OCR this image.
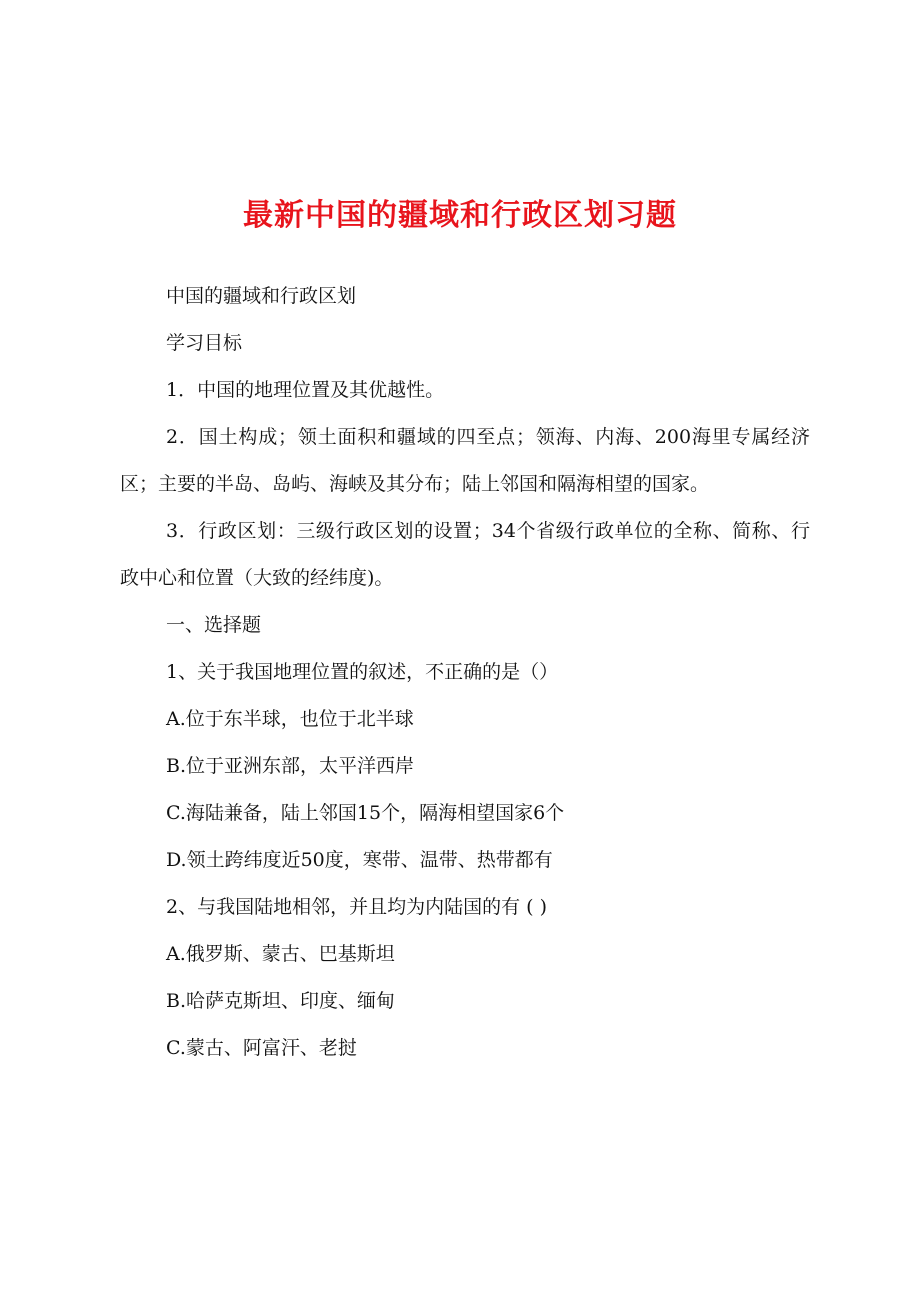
最新中国的疆域和行政区划习题

中国的疆域和行政区划

学习目标

1．中国的地理位置及其优越性。

2．国土构成；领土面积和疆域的四至点；领海、内海、200海里专属经济区；主要的半岛、岛屿、海峡及其分布；陆上邻国和隔海相望的国家。

3．行政区划：三级行政区划的设置；34个省级行政单位的全称、简称、行政中心和位置（大致的经纬度)。

一、选择题

1、关于我国地理位置的叙述，不正确的是（）

A.位于东半球，也位于北半球

B.位于亚洲东部，太平洋西岸

C.海陆兼备，陆上邻国15个，隔海相望国家6个

D.领土跨纬度近50度，寒带、温带、热带都有

2、与我国陆地相邻，并且均为内陆国的有 ( )

A.俄罗斯、蒙古、巴基斯坦

B.哈萨克斯坦、印度、缅甸

C.蒙古、阿富汗、老挝
